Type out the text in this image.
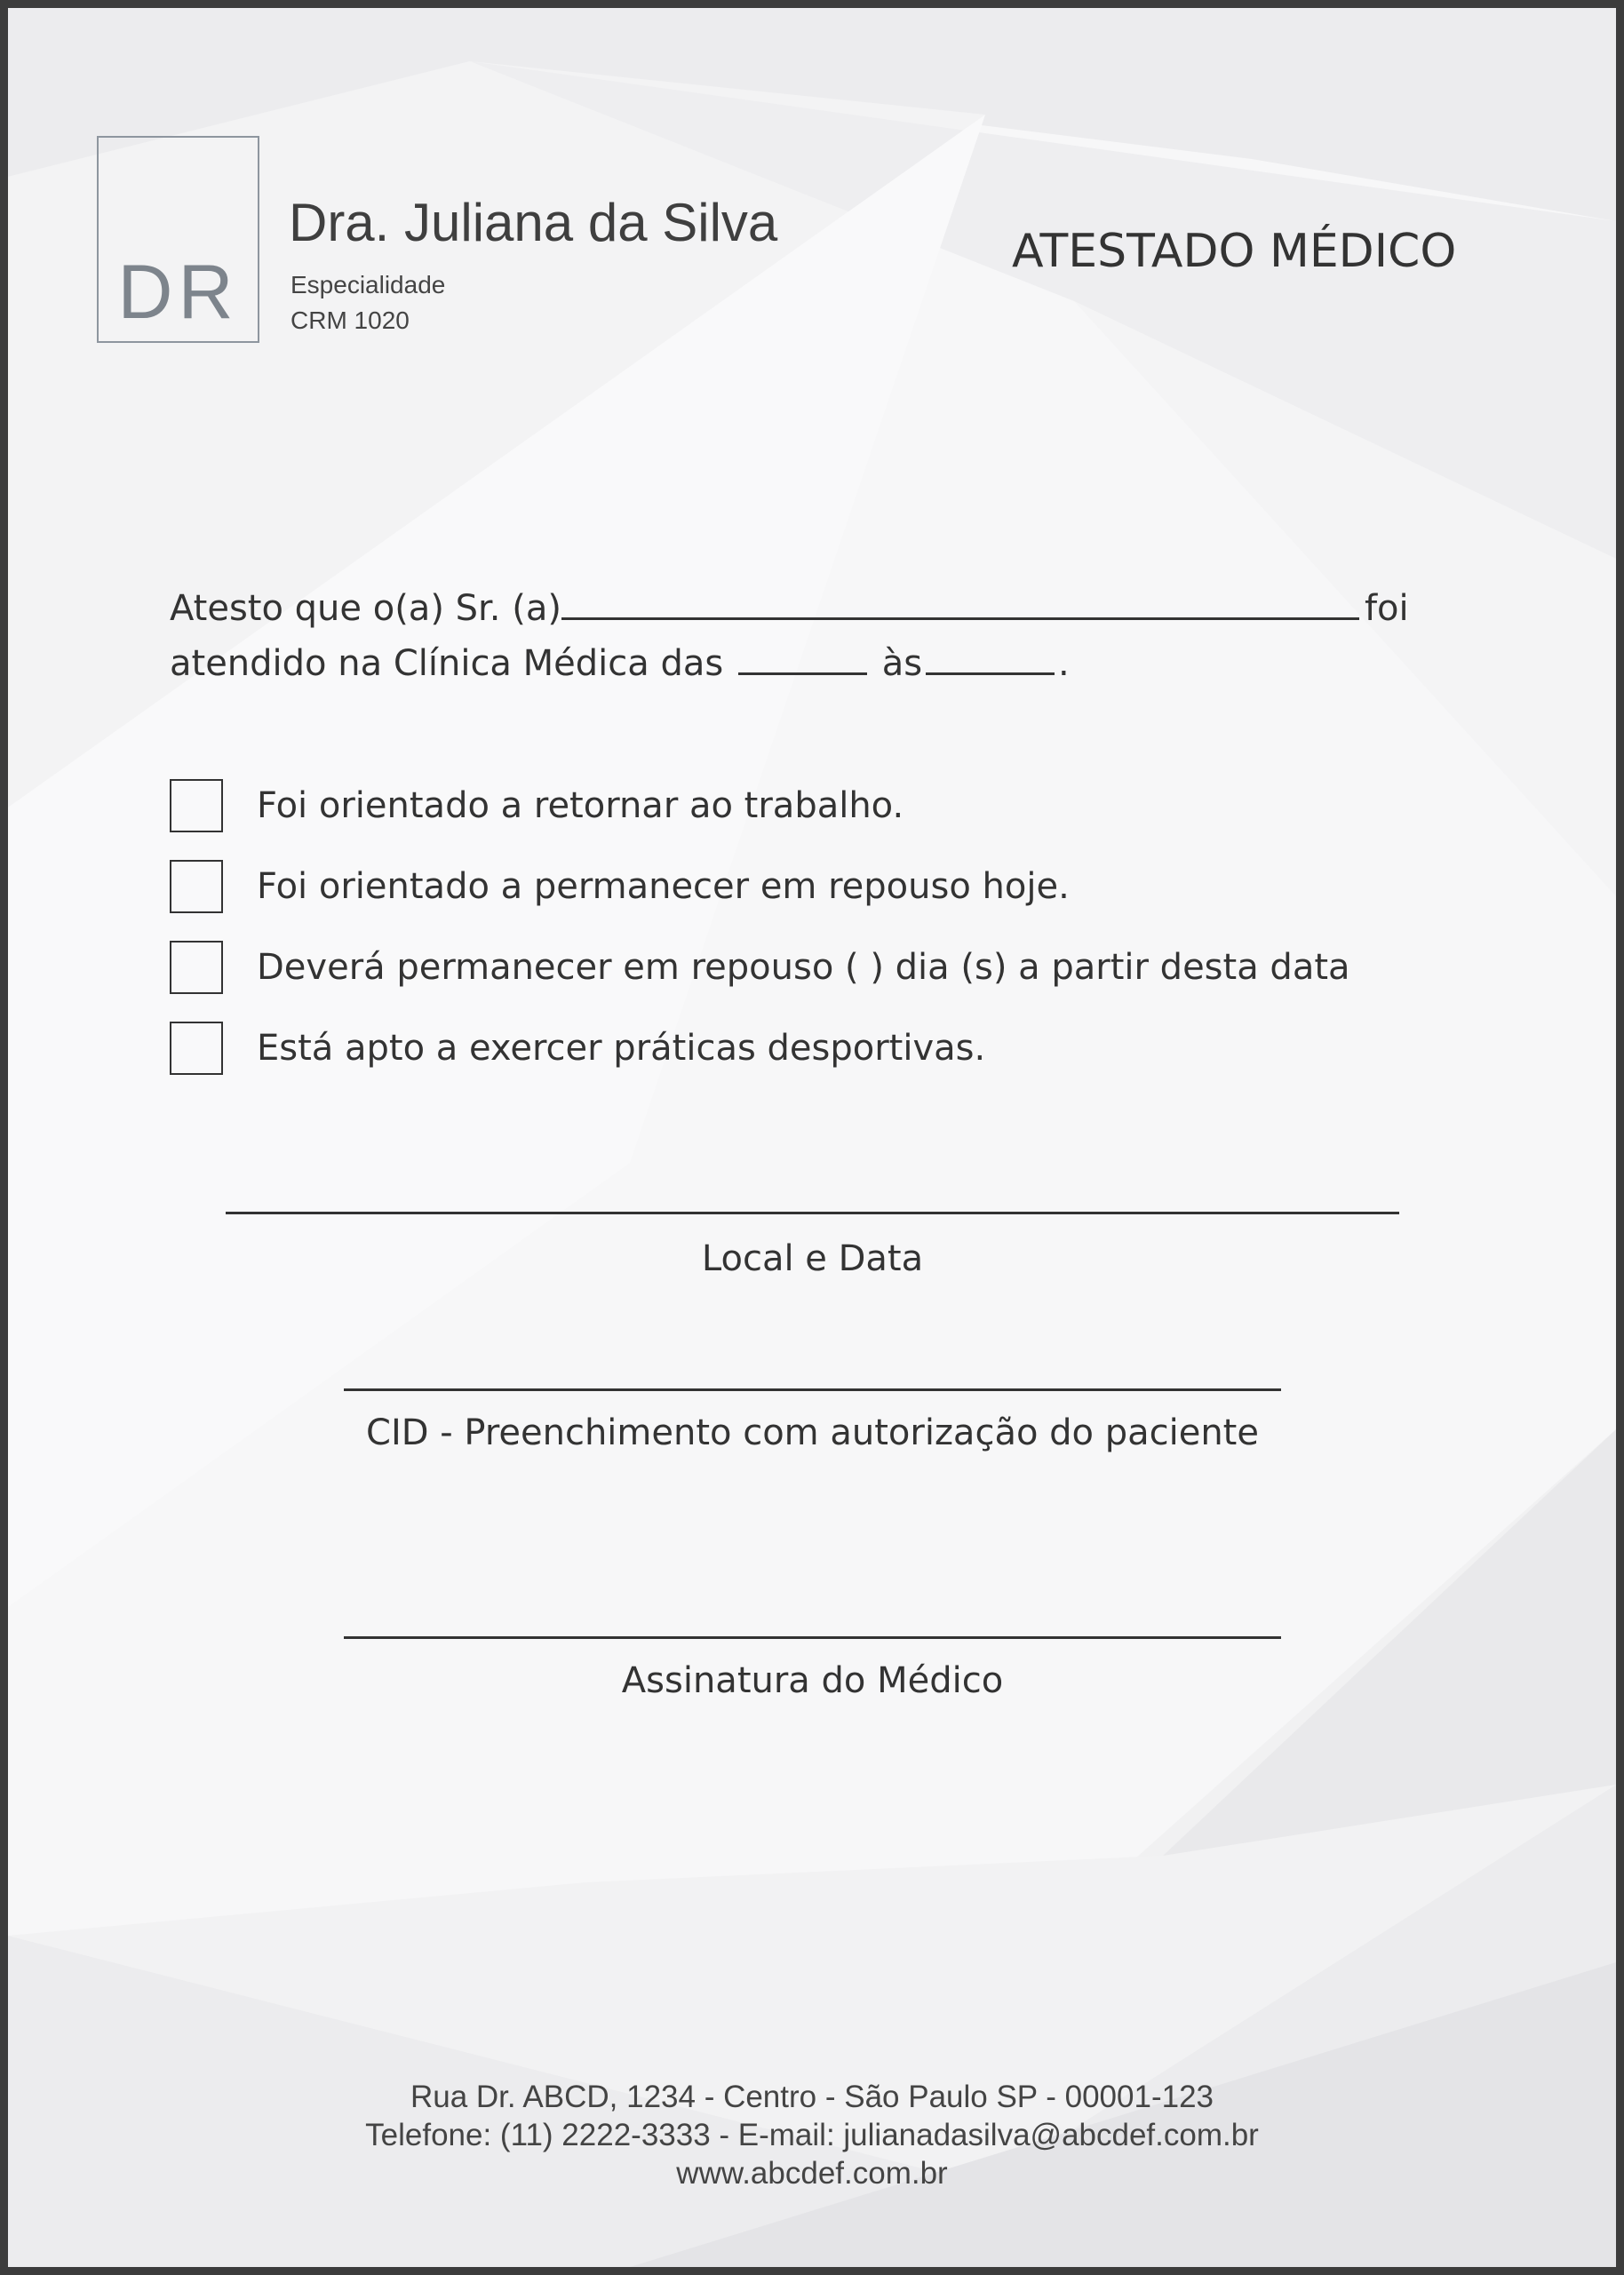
DR
Dra. Juliana da Silva
Especialidade
CRM 1020
ATESTADO MÉDICO
Atesto que o(a) Sr. (a)	foi
atendido na Clínica Médica das	às	.
Foi orientado a retornar ao trabalho.
Foi orientado a permanecer em repouso hoje.
Deverá permanecer em repouso ( ) dia (s) a partir desta data
Está apto a exercer práticas desportivas.
Local e Data
CID - Preenchimento com autorização do paciente
Assinatura do Médico
Rua Dr. ABCD, 1234 - Centro - São Paulo SP - 00001-123
Telefone: (11) 2222-3333 - E-mail: julianadasilva@abcdef.com.br
www.abcdef.com.br
